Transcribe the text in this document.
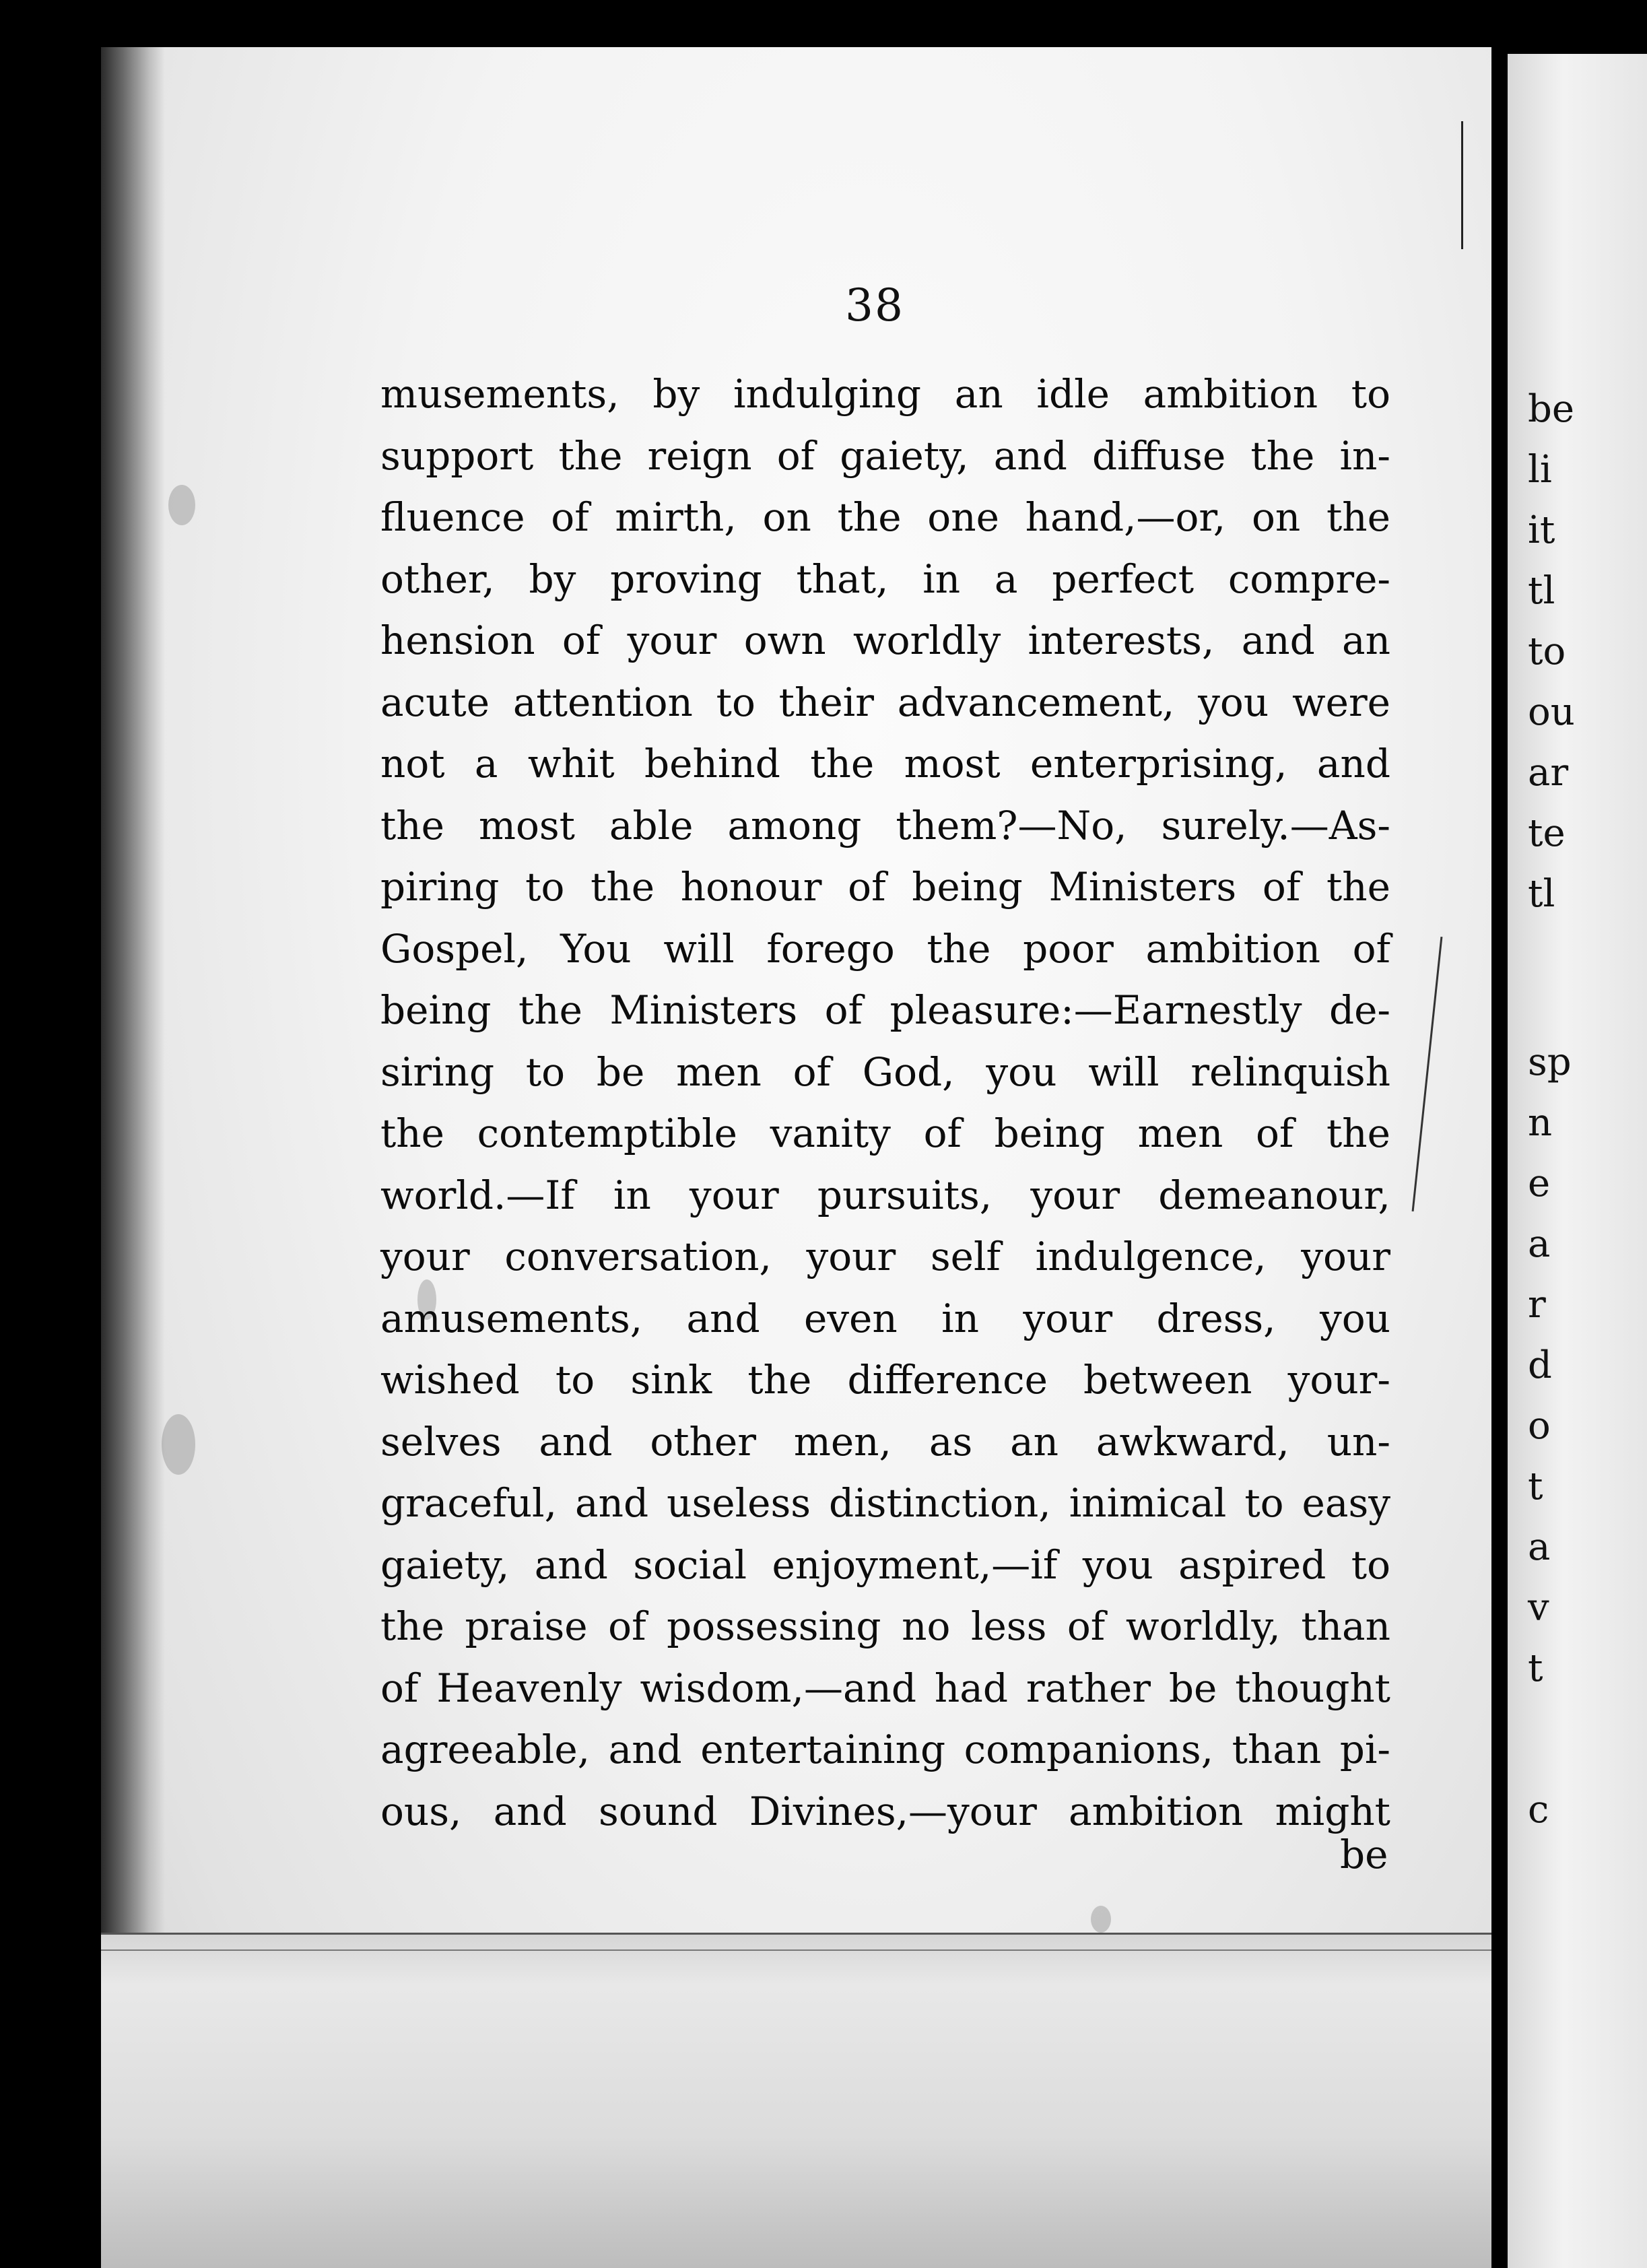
38
musements, by indulging an idle ambition to
support the reign of gaiety, and diffuse the in-
fluence of mirth, on the one hand,—or, on the
other, by proving that, in a perfect compre-
hension of your own worldly interests, and an
acute attention to their advancement, you were
not a whit behind the most enterprising, and
the most able among them?—No, surely.—As-
piring to the honour of being Ministers of the
Gospel, You will forego the poor ambition of
being the Ministers of pleasure:—Earnestly de-
siring to be men of God, you will relinquish
the contemptible vanity of being men of the
world.—If in your pursuits, your demeanour,
your conversation, your self indulgence, your
amusements, and even in your dress, you
wished to sink the difference between your-
selves and other men, as an awkward, un-
graceful, and useless distinction, inimical to easy
gaiety, and social enjoyment,—if you aspired to
the praise of possessing no less of worldly, than
of Heavenly wisdom,—and had rather be thought
agreeable, and entertaining companions, than pi-
ous, and sound Divines,—your ambition might
be
be
li
it
tl
to
ou
ar
te
tl
sp
n
e
a
r
d
o
t
a
v
t
c
